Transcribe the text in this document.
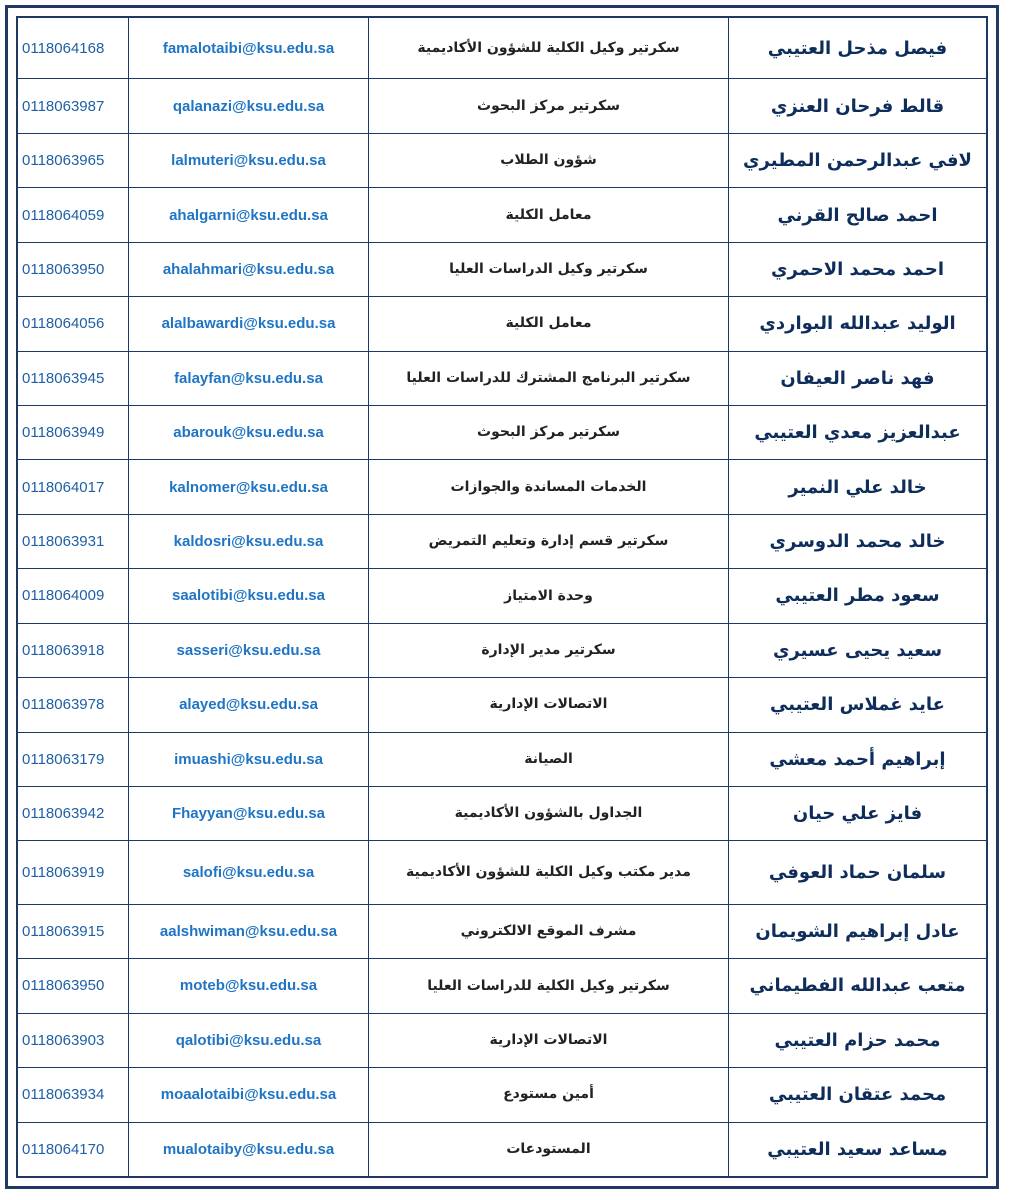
0118064168	famalotaibi@ksu.edu.sa	سكرتير وكيل الكلية للشؤون الأكاديمية	فيصل مذحل العتيبي
0118063987	qalanazi@ksu.edu.sa	سكرتير مركز البحوث	قالط فرحان العنزي
0118063965	lalmuteri@ksu.edu.sa	شؤون الطلاب	لافي عبدالرحمن المطيري
0118064059	ahalgarni@ksu.edu.sa	معامل الكلية	احمد صالح القرني
0118063950	ahalahmari@ksu.edu.sa	سكرتير وكيل الدراسات العليا	احمد محمد الاحمري
0118064056	alalbawardi@ksu.edu.sa	معامل الكلية	الوليد عبدالله البواردي
0118063945	falayfan@ksu.edu.sa	سكرتير البرنامج المشترك للدراسات العليا	فهد ناصر العيفان
0118063949	abarouk@ksu.edu.sa	سكرتير مركز البحوث	عبدالعزيز معدي العتيبي
0118064017	kalnomer@ksu.edu.sa	الخدمات المساندة والجوازات	خالد علي النمير
0118063931	kaldosri@ksu.edu.sa	سكرتير قسم إدارة وتعليم التمريض	خالد محمد الدوسري
0118064009	saalotibi@ksu.edu.sa	وحدة الامتياز	سعود مطر العتيبي
0118063918	sasseri@ksu.edu.sa	سكرتير مدير الإدارة	سعيد يحيى عسيري
0118063978	alayed@ksu.edu.sa	الاتصالات الإدارية	عايد غملاس العتيبي
0118063179	imuashi@ksu.edu.sa	الصيانة	إبراهيم أحمد معشي
0118063942	Fhayyan@ksu.edu.sa	الجداول بالشؤون الأكاديمية	فايز علي حيان
0118063919	salofi@ksu.edu.sa	مدير مكتب وكيل الكلية للشؤون الأكاديمية	سلمان حماد العوفي
0118063915	aalshwiman@ksu.edu.sa	مشرف الموقع الالكتروني	عادل إبراهيم الشويمان
0118063950	moteb@ksu.edu.sa	سكرتير وكيل الكلية للدراسات العليا	متعب عبدالله الفطيماني
0118063903	qalotibi@ksu.edu.sa	الاتصالات الإدارية	محمد حزام العتيبي
0118063934	moaalotaibi@ksu.edu.sa	أمين مستودع	محمد عتقان العتيبي
0118064170	mualotaiby@ksu.edu.sa	المستودعات	مساعد سعيد العتيبي
